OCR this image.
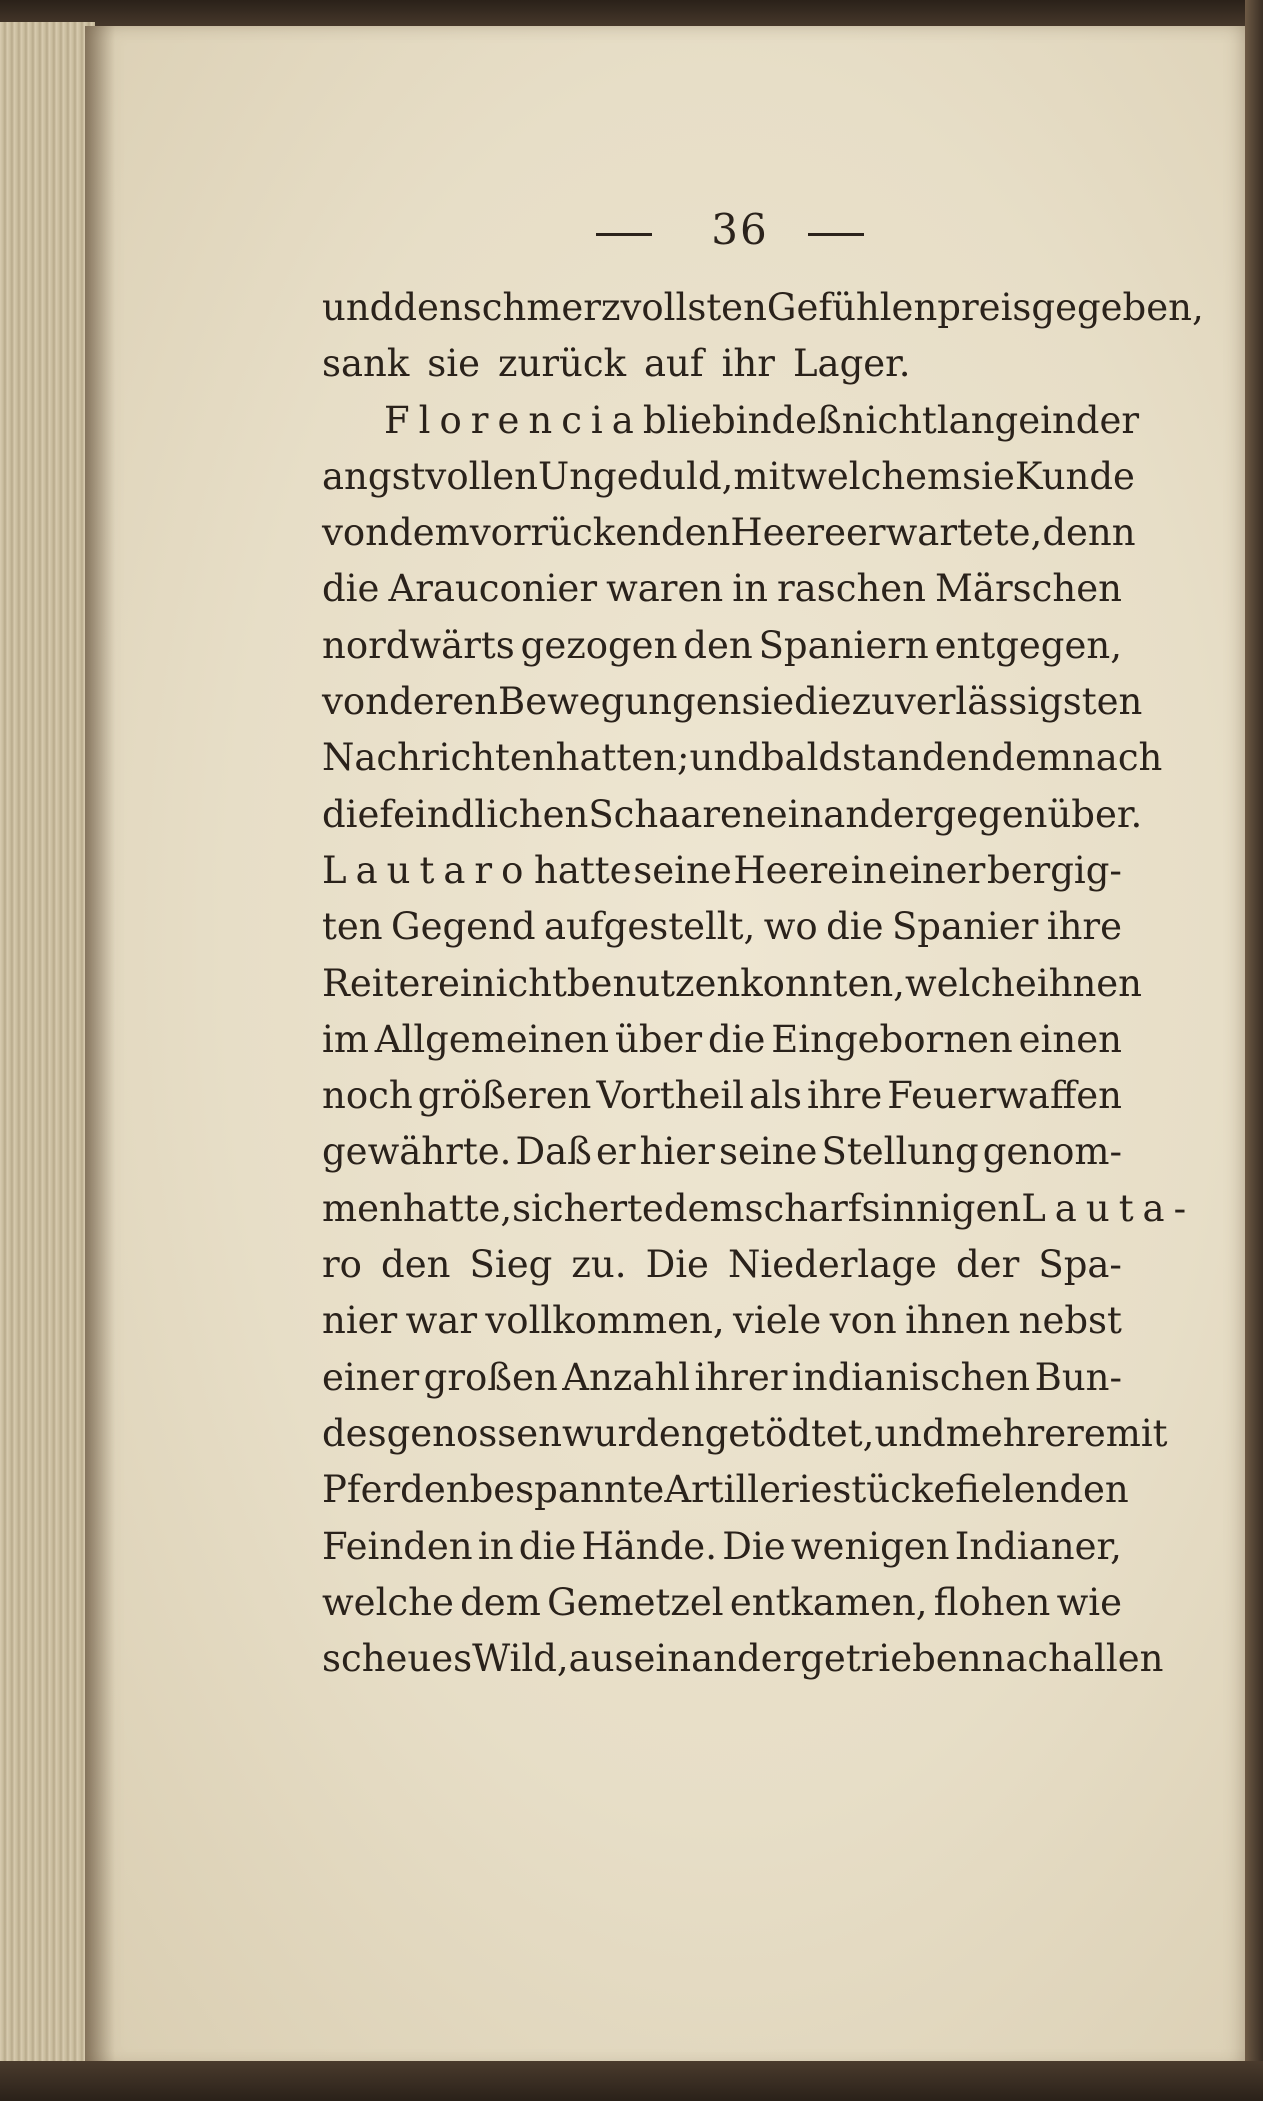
36
und den schmerzvollsten Gefühlen preisgegeben,
sank sie zurück auf ihr Lager.
Florencia blieb indeß nicht lange in der
angstvollen Ungeduld, mit welchem sie Kunde
von dem vorrückenden Heere erwartete, denn
die Arauconier waren in raschen Märschen
nordwärts gezogen den Spaniern entgegen,
von deren Bewegungen sie die zuverlässigsten
Nachrichten hatten; und bald standen demnach
die feindlichen Schaaren einander gegenüber.
Lautaro hatte seine Heere in einer bergig-
ten Gegend aufgestellt, wo die Spanier ihre
Reiterei nicht benutzen konnten, welche ihnen
im Allgemeinen über die Eingebornen einen
noch größeren Vortheil als ihre Feuerwaffen
gewährte. Daß er hier seine Stellung genom-
men hatte, sicherte dem scharfsinnigen Lauta-
ro den Sieg zu. Die Niederlage der Spa-
nier war vollkommen, viele von ihnen nebst
einer großen Anzahl ihrer indianischen Bun-
desgenossen wurden getödtet, und mehrere mit
Pferden bespannte Artilleriestücke fielen den
Feinden in die Hände. Die wenigen Indianer,
welche dem Gemetzel entkamen, flohen wie
scheues Wild, auseinander getrieben nach allen
